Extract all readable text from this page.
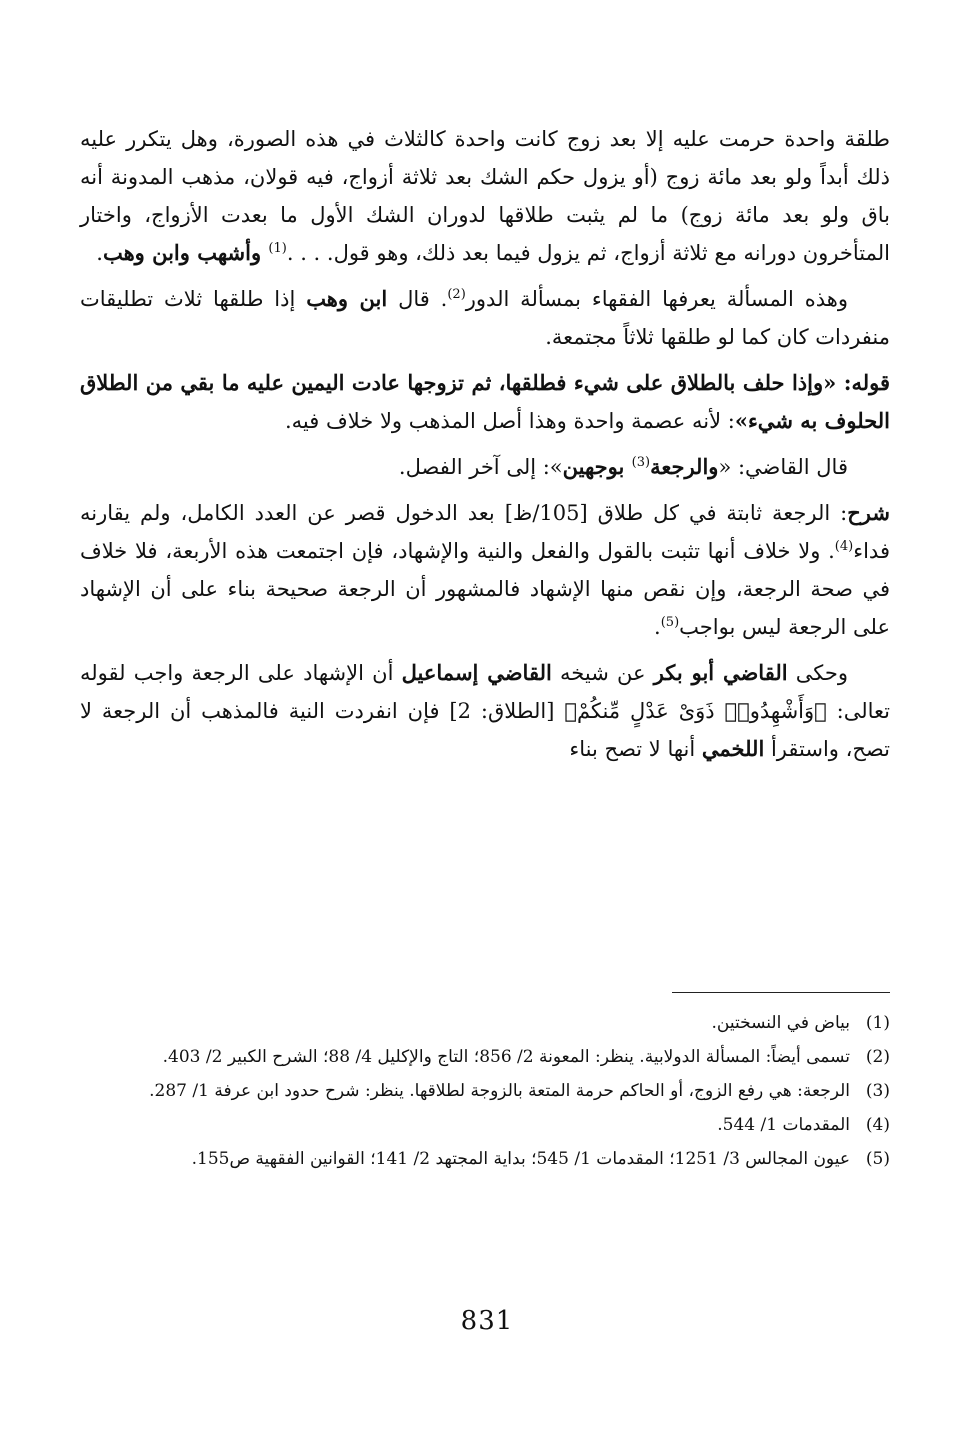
طلقة واحدة حرمت عليه إلا بعد زوج كانت واحدة كالثلاث في هذه الصورة، وهل يتكرر عليه ذلك أبداً ولو بعد مائة زوج (أو يزول حكم الشك بعد ثلاثة أزواج، فيه قولان، مذهب المدونة أنه باق ولو بعد مائة زوج) ما لم يثبت طلاقها لدوران الشك الأول ما بعدت الأزواج، واختار المتأخرون دورانه مع ثلاثة أزواج، ثم يزول فيما بعد ذلك، وهو قول. . . .$^{(1)}$ وأشهب وابن وهب.

وهذه المسألة يعرفها الفقهاء بمسألة الدور$^{(2)}$. قال ابن وهب إذا طلقها ثلاث تطليقات منفردات كان كما لو طلقها ثلاثاً مجتمعة.

قوله: «وإذا حلف بالطلاق على شيء فطلقها، ثم تزوجها عادت اليمين عليه ما بقي من الطلاق الحلوف به شيء»: لأنه عصمة واحدة وهذا أصل المذهب ولا خلاف فيه.

قال القاضي: «والرجعة$^{(3)}$ بوجهين»: إلى آخر الفصل.

شرح: الرجعة ثابتة في كل طلاق [105/ظ] بعد الدخول قصر عن العدد الكامل، ولم يقارنه فداء$^{(4)}$. ولا خلاف أنها تثبت بالقول والفعل والنية والإشهاد، فإن اجتمعت هذه الأربعة، فلا خلاف في صحة الرجعة، وإن نقص منها الإشهاد فالمشهور أن الرجعة صحيحة بناء على أن الإشهاد على الرجعة ليس بواجب$^{(5)}$.

وحكى القاضي أبو بكر عن شيخه القاضي إسماعيل أن الإشهاد على الرجعة واجب لقوله تعالى: ﴿وَأَشْهِدُوا۟ ذَوَىْ عَدْلٍ مِّنكُمْ﴾ [الطلاق: 2] فإن انفردت النية فالمذهب أن الرجعة لا تصح، واستقرأ اللخمي أنها لا تصح بناء

(1)
بياض في النسختين.
(2)
تسمى أيضاً: المسألة الدولابية. ينظر: المعونة 2/ 856؛ التاج والإكليل 4/ 88؛ الشرح الكبير 2/ 403.
(3)
الرجعة: هي رفع الزوج، أو الحاكم حرمة المتعة بالزوجة لطلاقها. ينظر: شرح حدود ابن عرفة 1/ 287.
(4)
المقدمات 1/ 544.
(5)
عيون المجالس 3/ 1251؛ المقدمات 1/ 545؛ بداية المجتهد 2/ 141؛ القوانين الفقهية ص155.
831
